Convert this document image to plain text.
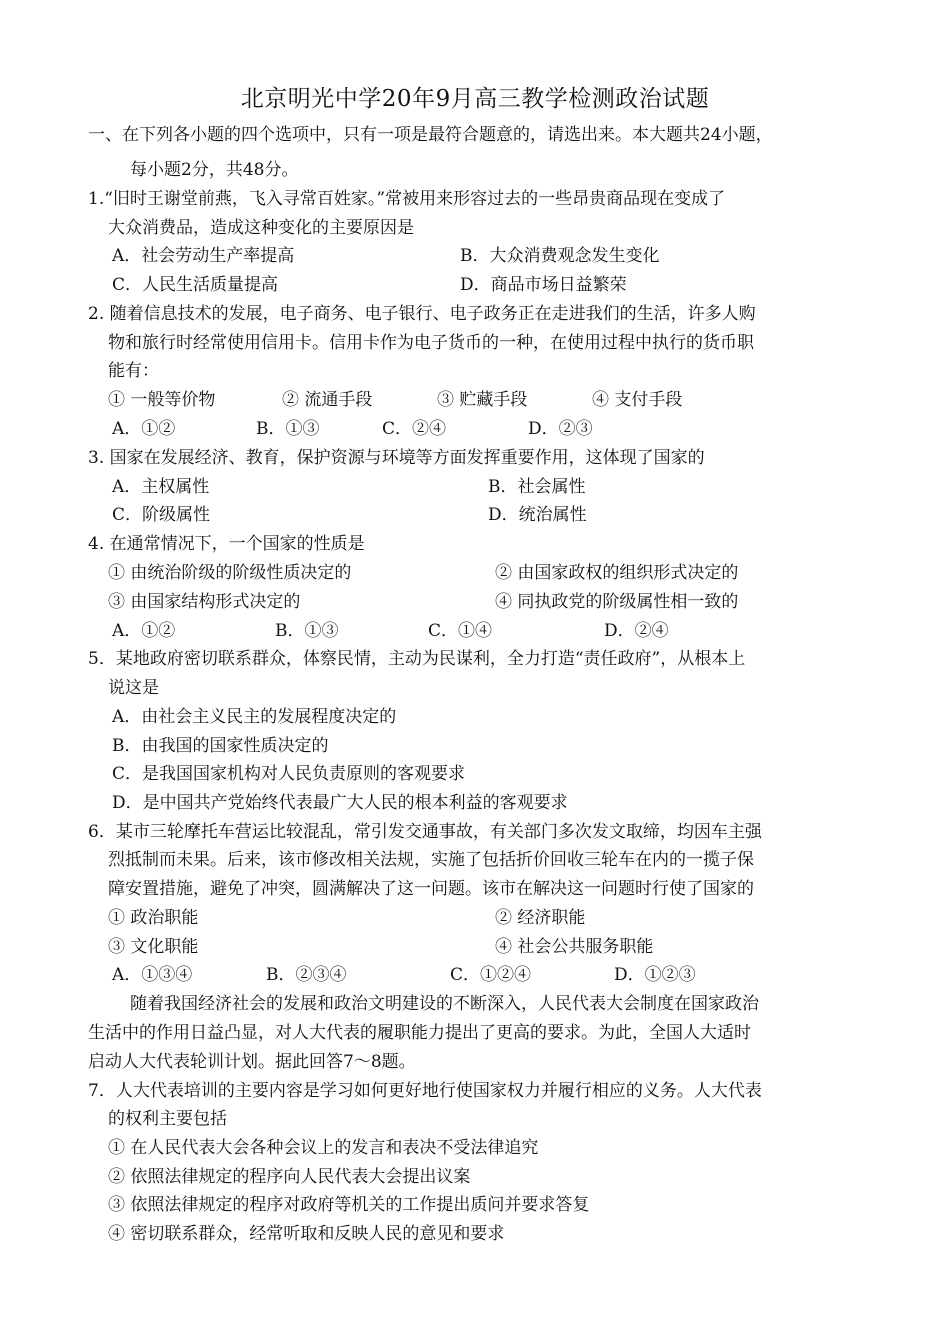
北京明光中学20年9月高三教学检测政治试题
一、在下列各小题的四个选项中，只有一项是最符合题意的，请选出来。本大题共24小题，
每小题2分，共48分。
1.“旧时王谢堂前燕，飞入寻常百姓家。”常被用来形容过去的一些昂贵商品现在变成了
大众消费品，造成这种变化的主要原因是
A．社会劳动生产率提高	B．大众消费观念发生变化
C．人民生活质量提高	D．商品市场日益繁荣
2. 随着信息技术的发展，电子商务、电子银行、电子政务正在走进我们的生活，许多人购
物和旅行时经常使用信用卡。信用卡作为电子货币的一种，在使用过程中执行的货币职
能有：
① 一般等价物	② 流通手段	③ 贮藏手段	④ 支付手段
A．①②	B．①③	C．②④	D．②③
3. 国家在发展经济、教育，保护资源与环境等方面发挥重要作用，这体现了国家的
A．主权属性	B．社会属性
C．阶级属性	D．统治属性
4. 在通常情况下，一个国家的性质是
① 由统治阶级的阶级性质决定的	② 由国家政权的组织形式决定的
③ 由国家结构形式决定的	④ 同执政党的阶级属性相一致的
A．①②	B．①③	C．①④	D．②④
5．某地政府密切联系群众，体察民情，主动为民谋利，全力打造“责任政府”，从根本上
说这是
A．由社会主义民主的发展程度决定的
B．由我国的国家性质决定的
C．是我国国家机构对人民负责原则的客观要求
D．是中国共产党始终代表最广大人民的根本利益的客观要求
6．某市三轮摩托车营运比较混乱，常引发交通事故，有关部门多次发文取缔，均因车主强
烈抵制而未果。后来，该市修改相关法规，实施了包括折价回收三轮车在内的一揽子保
障安置措施，避免了冲突，圆满解决了这一问题。该市在解决这一问题时行使了国家的
① 政治职能	② 经济职能
③ 文化职能	④ 社会公共服务职能
A．①③④	B．②③④	C．①②④	D．①②③
随着我国经济社会的发展和政治文明建设的不断深入，人民代表大会制度在国家政治
生活中的作用日益凸显，对人大代表的履职能力提出了更高的要求。为此，全国人大适时
启动人大代表轮训计划。据此回答7～8题。
7．人大代表培训的主要内容是学习如何更好地行使国家权力并履行相应的义务。人大代表
的权利主要包括
① 在人民代表大会各种会议上的发言和表决不受法律追究
② 依照法律规定的程序向人民代表大会提出议案
③ 依照法律规定的程序对政府等机关的工作提出质问并要求答复
④ 密切联系群众，经常听取和反映人民的意见和要求
